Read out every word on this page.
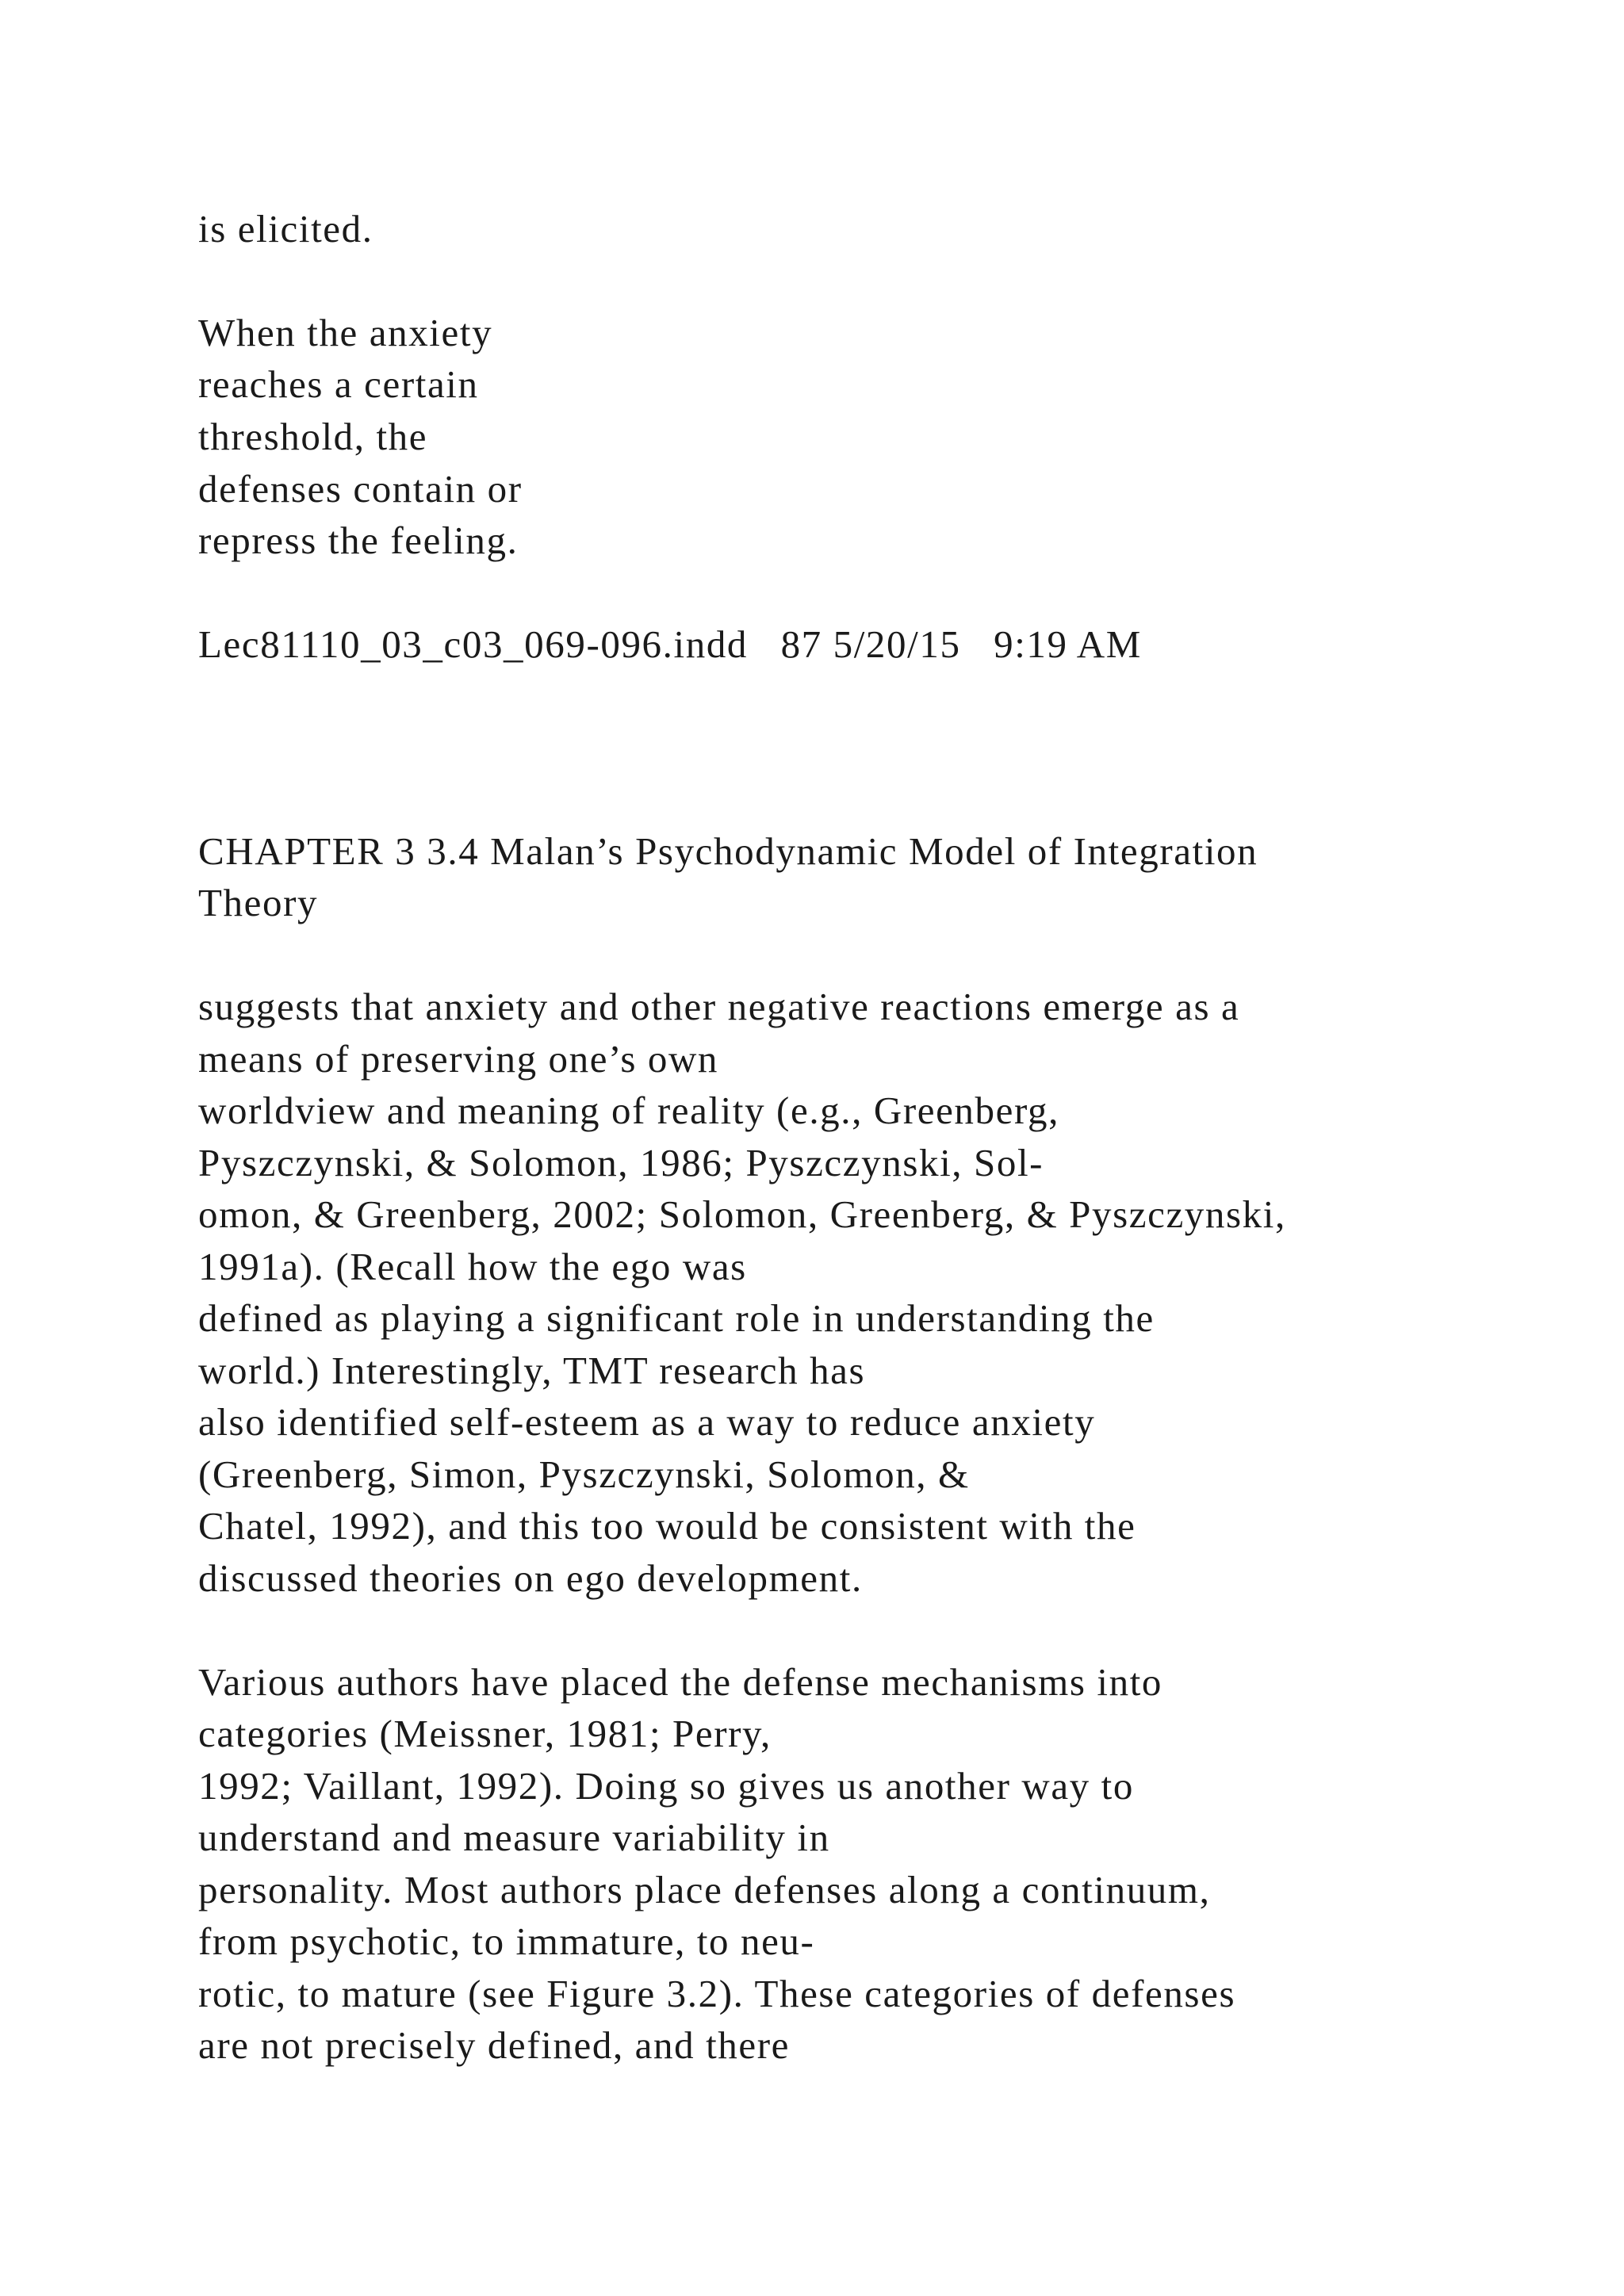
is elicited.
When the anxiety
reaches a certain
threshold, the
defenses contain or
repress the feeling.
Lec81110_03_c03_069-096.indd   87 5/20/15   9:19 AM
CHAPTER 3 3.4 Malan’s Psychodynamic Model of Integration
Theory
suggests that anxiety and other negative reactions emerge as a
means of preserving one’s own
worldview and meaning of reality (e.g., Greenberg,
Pyszczynski, & Solomon, 1986; Pyszczynski, Sol-
omon, & Greenberg, 2002; Solomon, Greenberg, & Pyszczynski,
1991a). (Recall how the ego was
defined as playing a significant role in understanding the
world.) Interestingly, TMT research has
also identified self-esteem as a way to reduce anxiety
(Greenberg, Simon, Pyszczynski, Solomon, &
Chatel, 1992), and this too would be consistent with the
discussed theories on ego development.
Various authors have placed the defense mechanisms into
categories (Meissner, 1981; Perry,
1992; Vaillant, 1992). Doing so gives us another way to
understand and measure variability in
personality. Most authors place defenses along a continuum,
from psychotic, to immature, to neu-
rotic, to mature (see Figure 3.2). These categories of defenses
are not precisely defined, and there
